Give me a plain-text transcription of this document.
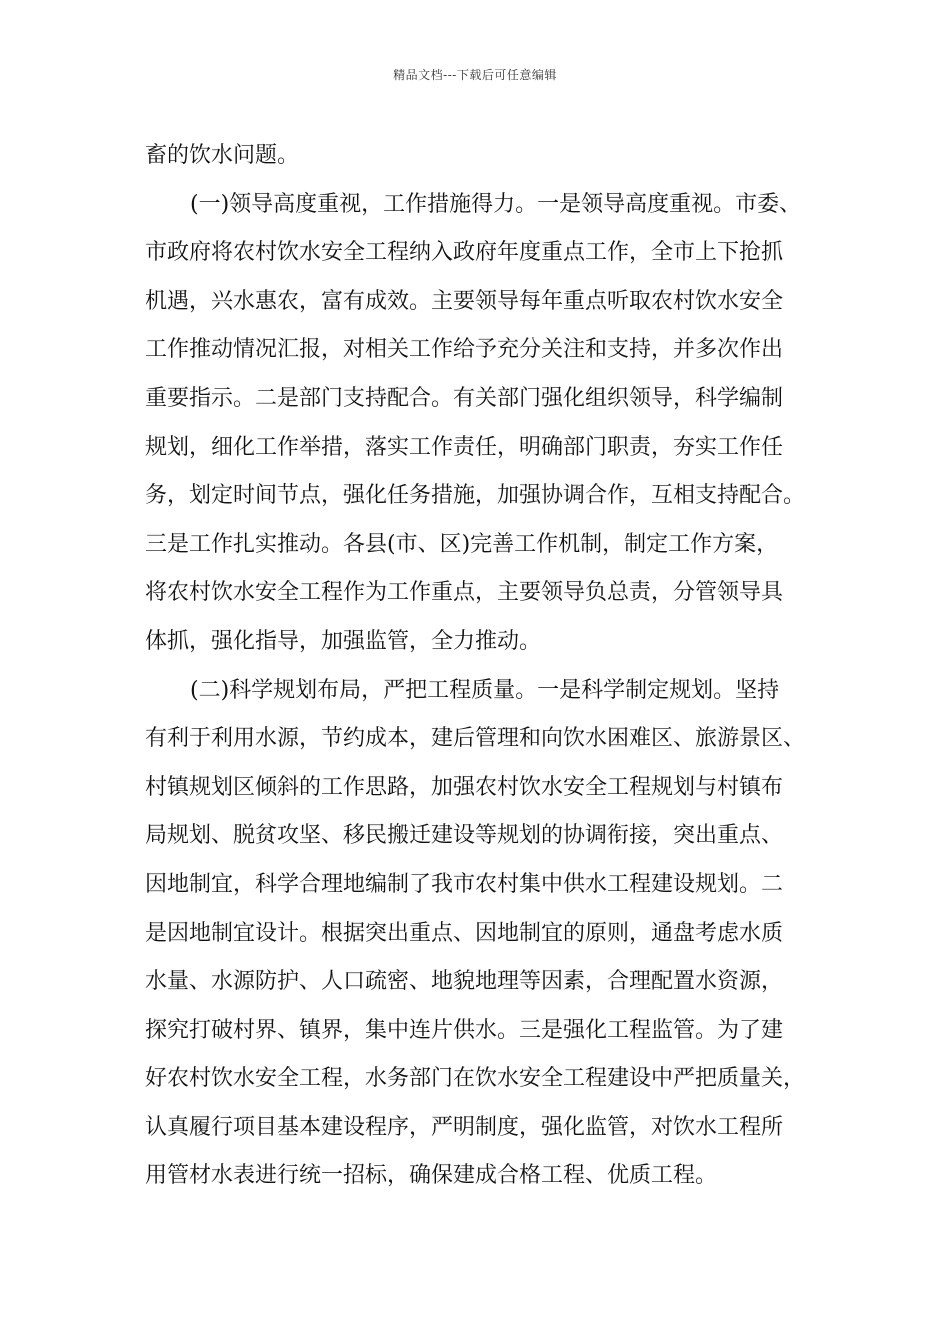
精品文档---下载后可任意编辑
畜的饮水问题。
(一)领导高度重视，工作措施得力。一是领导高度重视。市委、
市政府将农村饮水安全工程纳入政府年度重点工作，全市上下抢抓
机遇，兴水惠农，富有成效。主要领导每年重点听取农村饮水安全
工作推动情况汇报，对相关工作给予充分关注和支持，并多次作出
重要指示。二是部门支持配合。有关部门强化组织领导，科学编制
规划，细化工作举措，落实工作责任，明确部门职责，夯实工作任
务，划定时间节点，强化任务措施，加强协调合作，互相支持配合。
三是工作扎实推动。各县(市、区)完善工作机制，制定工作方案，
将农村饮水安全工程作为工作重点，主要领导负总责，分管领导具
体抓，强化指导，加强监管，全力推动。
(二)科学规划布局，严把工程质量。一是科学制定规划。坚持
有利于利用水源，节约成本，建后管理和向饮水困难区、旅游景区、
村镇规划区倾斜的工作思路，加强农村饮水安全工程规划与村镇布
局规划、脱贫攻坚、移民搬迁建设等规划的协调衔接，突出重点、
因地制宜，科学合理地编制了我市农村集中供水工程建设规划。二
是因地制宜设计。根据突出重点、因地制宜的原则，通盘考虑水质
水量、水源防护、人口疏密、地貌地理等因素，合理配置水资源，
探究打破村界、镇界，集中连片供水。三是强化工程监管。为了建
好农村饮水安全工程，水务部门在饮水安全工程建设中严把质量关，
认真履行项目基本建设程序，严明制度，强化监管，对饮水工程所
用管材水表进行统一招标，确保建成合格工程、优质工程。
